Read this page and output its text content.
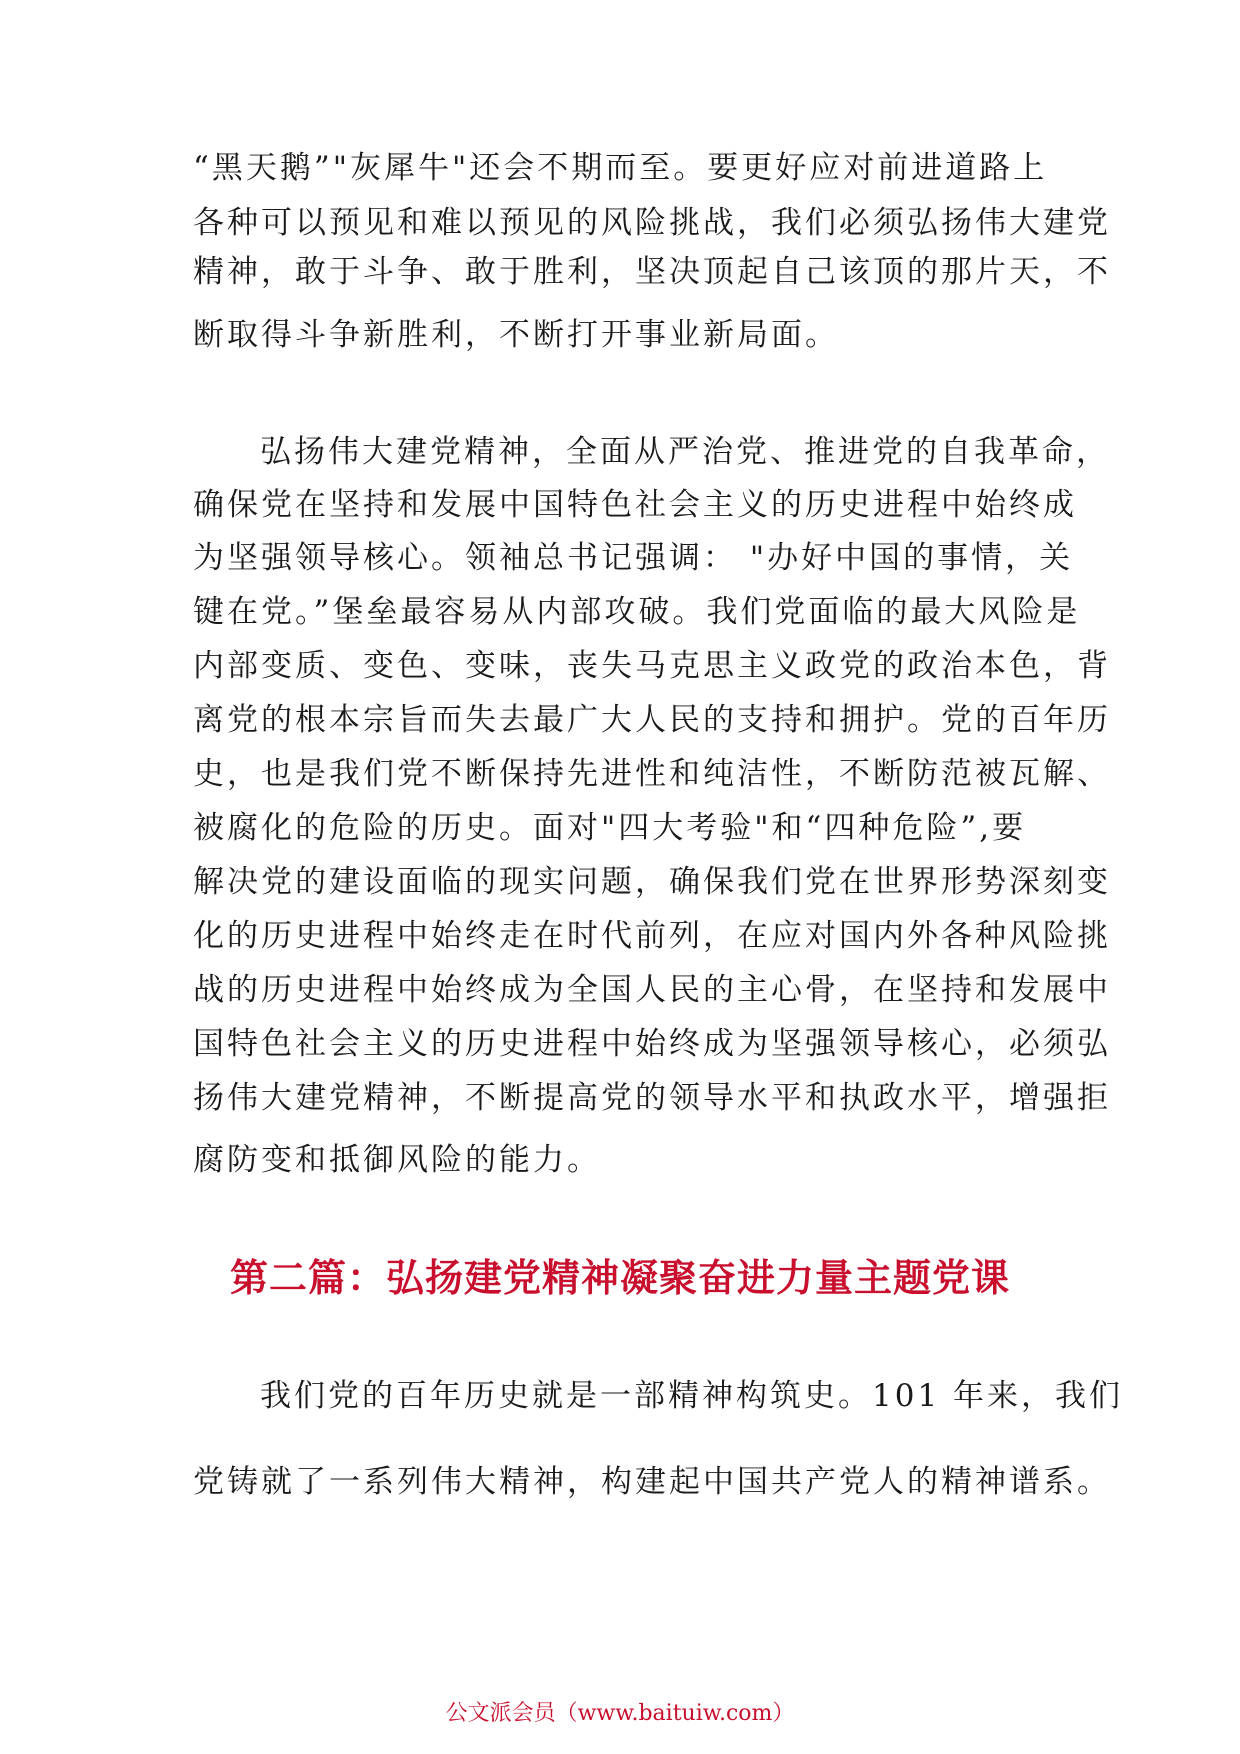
“黑天鹅”"灰犀牛"还会不期而至。要更好应对前进道路上
各种可以预见和难以预见的风险挑战，我们必须弘扬伟大建党
精神，敢于斗争、敢于胜利，坚决顶起自己该顶的那片天，不
断取得斗争新胜利，不断打开事业新局面。
弘扬伟大建党精神，全面从严治党、推进党的自我革命，
确保党在坚持和发展中国特色社会主义的历史进程中始终成
为坚强领导核心。领袖总书记强调： "办好中国的事情，关
键在党。”堡垒最容易从内部攻破。我们党面临的最大风险是
内部变质、变色、变味，丧失马克思主义政党的政治本色，背
离党的根本宗旨而失去最广大人民的支持和拥护。党的百年历
史，也是我们党不断保持先进性和纯洁性，不断防范被瓦解、
被腐化的危险的历史。面对"四大考验"和“四种危险”,要
解决党的建设面临的现实问题，确保我们党在世界形势深刻变
化的历史进程中始终走在时代前列，在应对国内外各种风险挑
战的历史进程中始终成为全国人民的主心骨，在坚持和发展中
国特色社会主义的历史进程中始终成为坚强领导核心，必须弘
扬伟大建党精神，不断提高党的领导水平和执政水平，增强拒
腐防变和抵御风险的能力。
第二篇：弘扬建党精神凝聚奋进力量主题党课
我们党的百年历史就是一部精神构筑史。101 年来，我们
党铸就了一系列伟大精神，构建起中国共产党人的精神谱系。
公文派会员（www.baituiw.com）
